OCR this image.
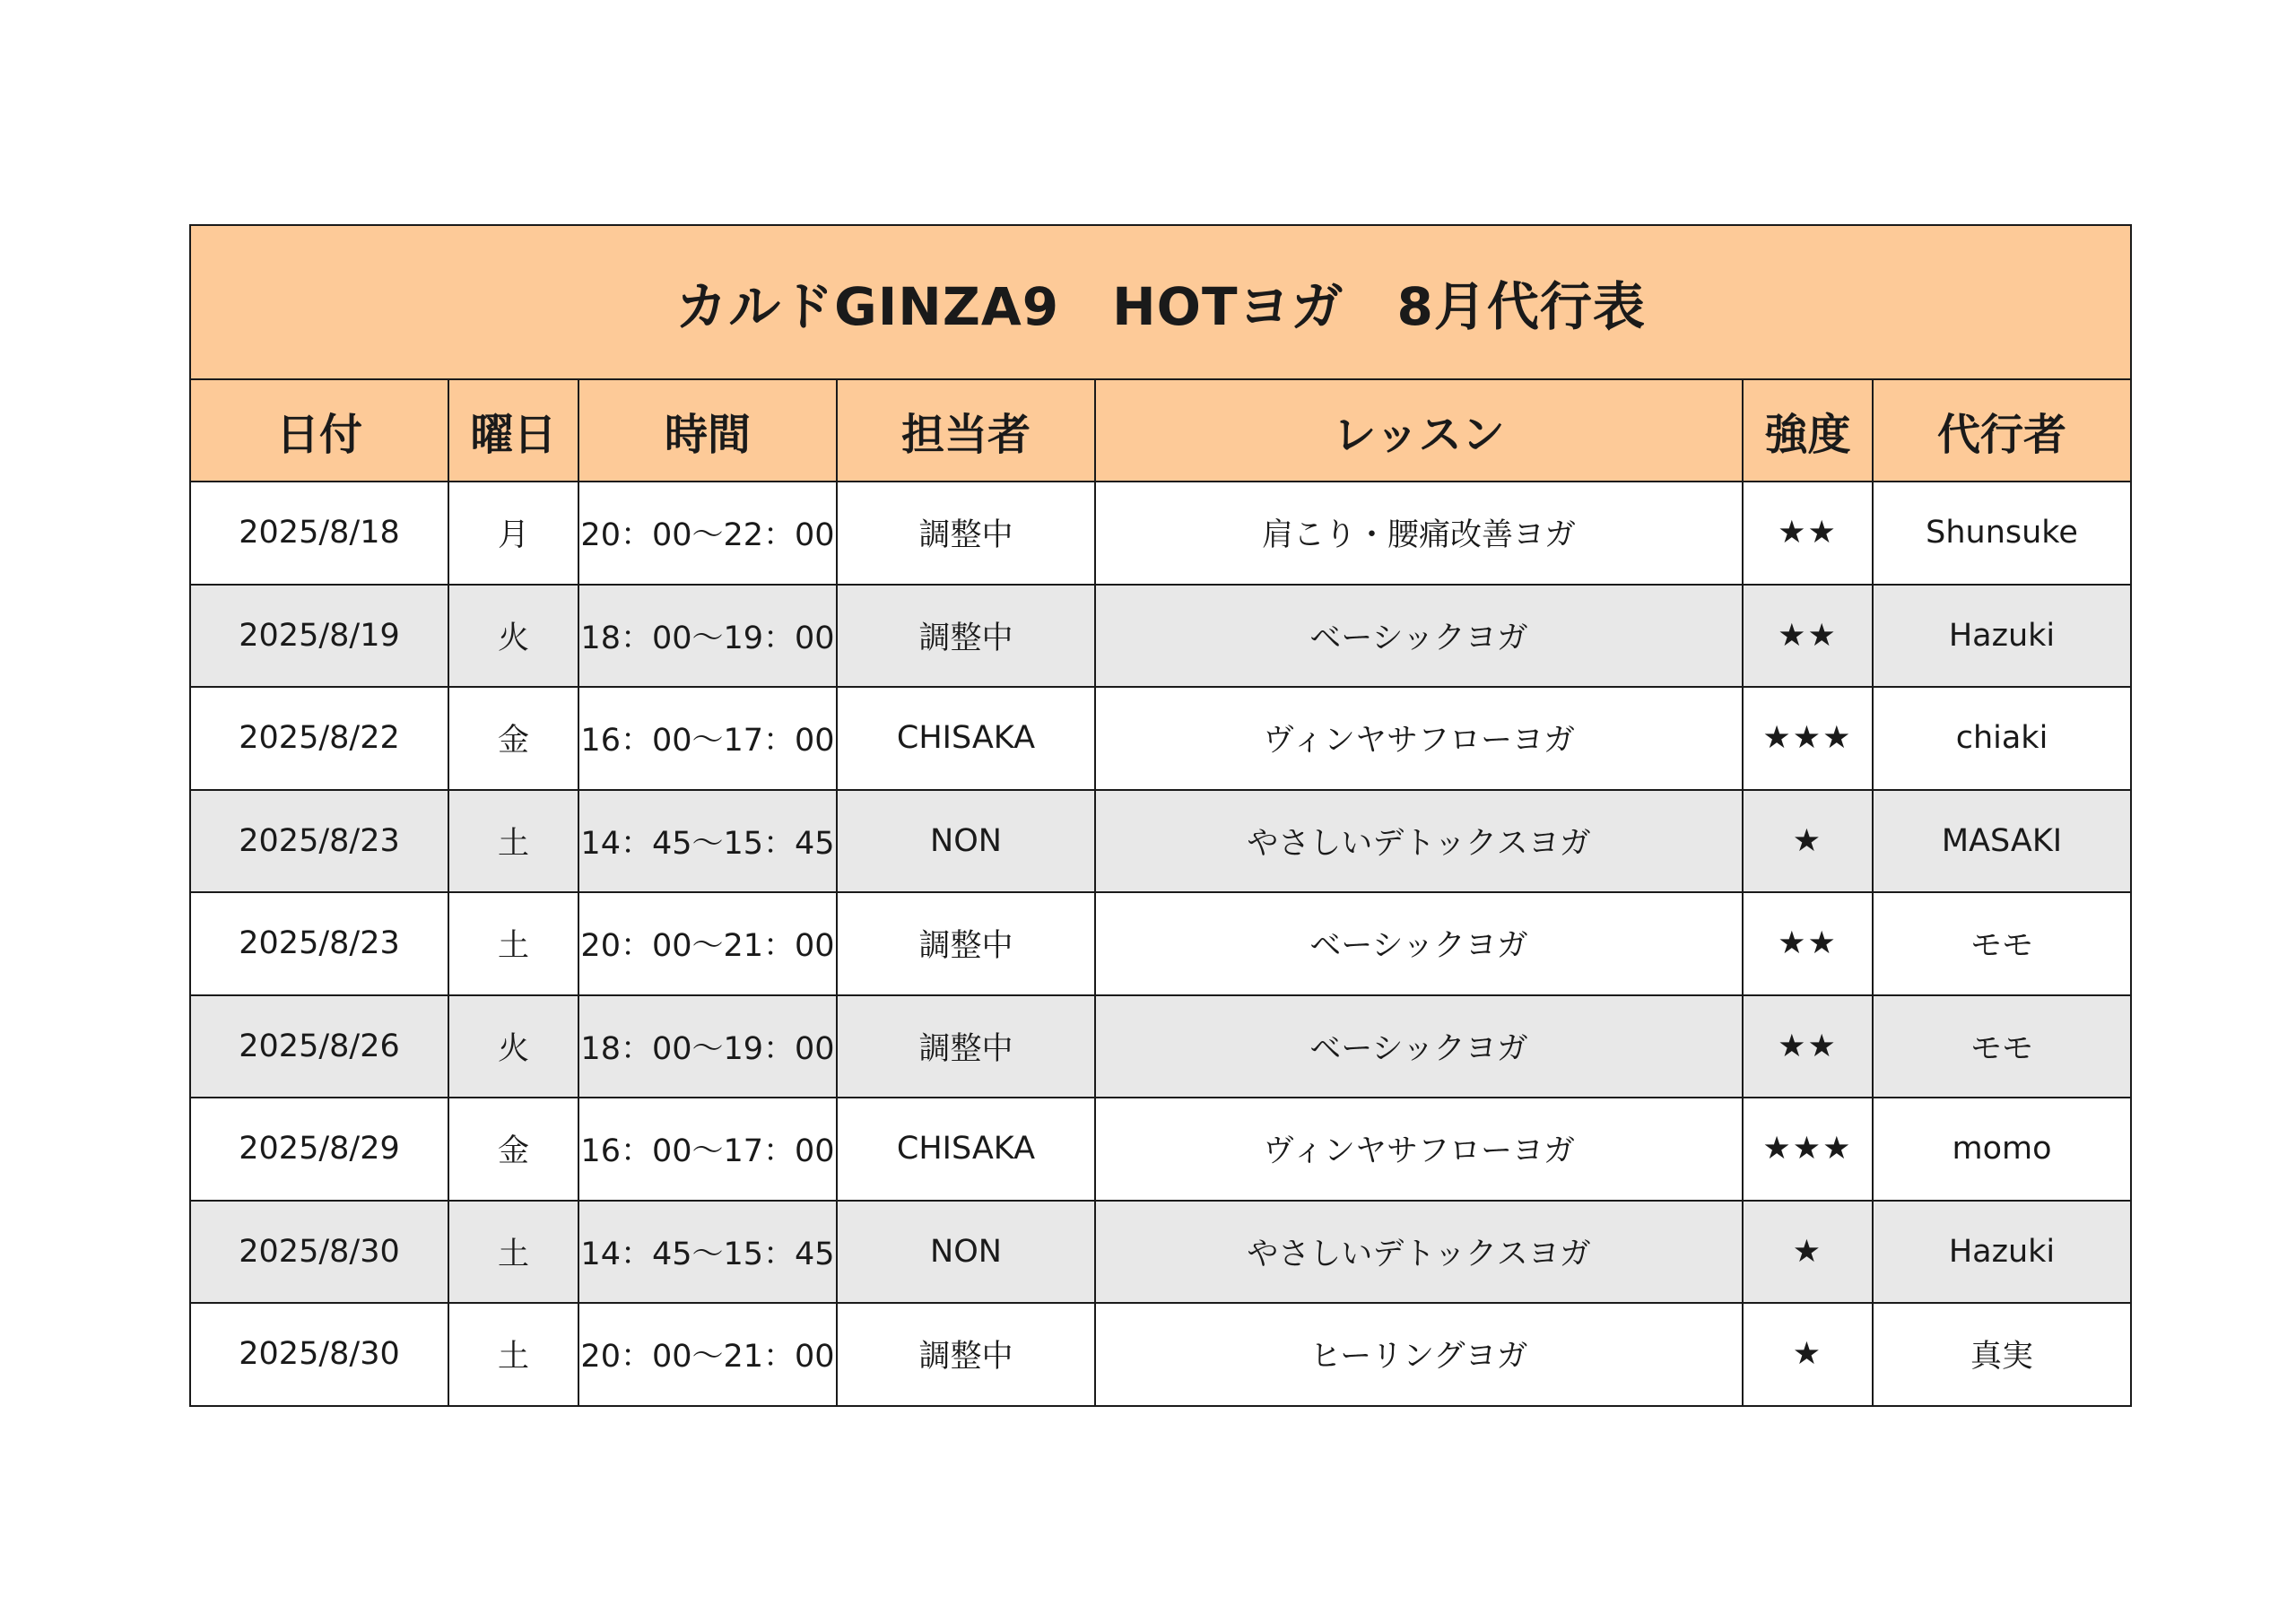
カルドGINZA9　HOTヨガ　8月代行表						
日付	曜日	時間	担当者	レッスン	強度	代行者
2025/8/18	月	20：00〜22：00	調整中	肩こり・腰痛改善ヨガ	★★	Shunsuke
2025/8/19	火	18：00〜19：00	調整中	ベーシックヨガ	★★	Hazuki
2025/8/22	金	16：00〜17：00	CHISAKA	ヴィンヤサフローヨガ	★★★	chiaki
2025/8/23	土	14：45〜15：45	NON	やさしいデトックスヨガ	★	MASAKI
2025/8/23	土	20：00〜21：00	調整中	ベーシックヨガ	★★	モモ
2025/8/26	火	18：00〜19：00	調整中	ベーシックヨガ	★★	モモ
2025/8/29	金	16：00〜17：00	CHISAKA	ヴィンヤサフローヨガ	★★★	momo
2025/8/30	土	14：45〜15：45	NON	やさしいデトックスヨガ	★	Hazuki
2025/8/30	土	20：00〜21：00	調整中	ヒーリングヨガ	★	真実
